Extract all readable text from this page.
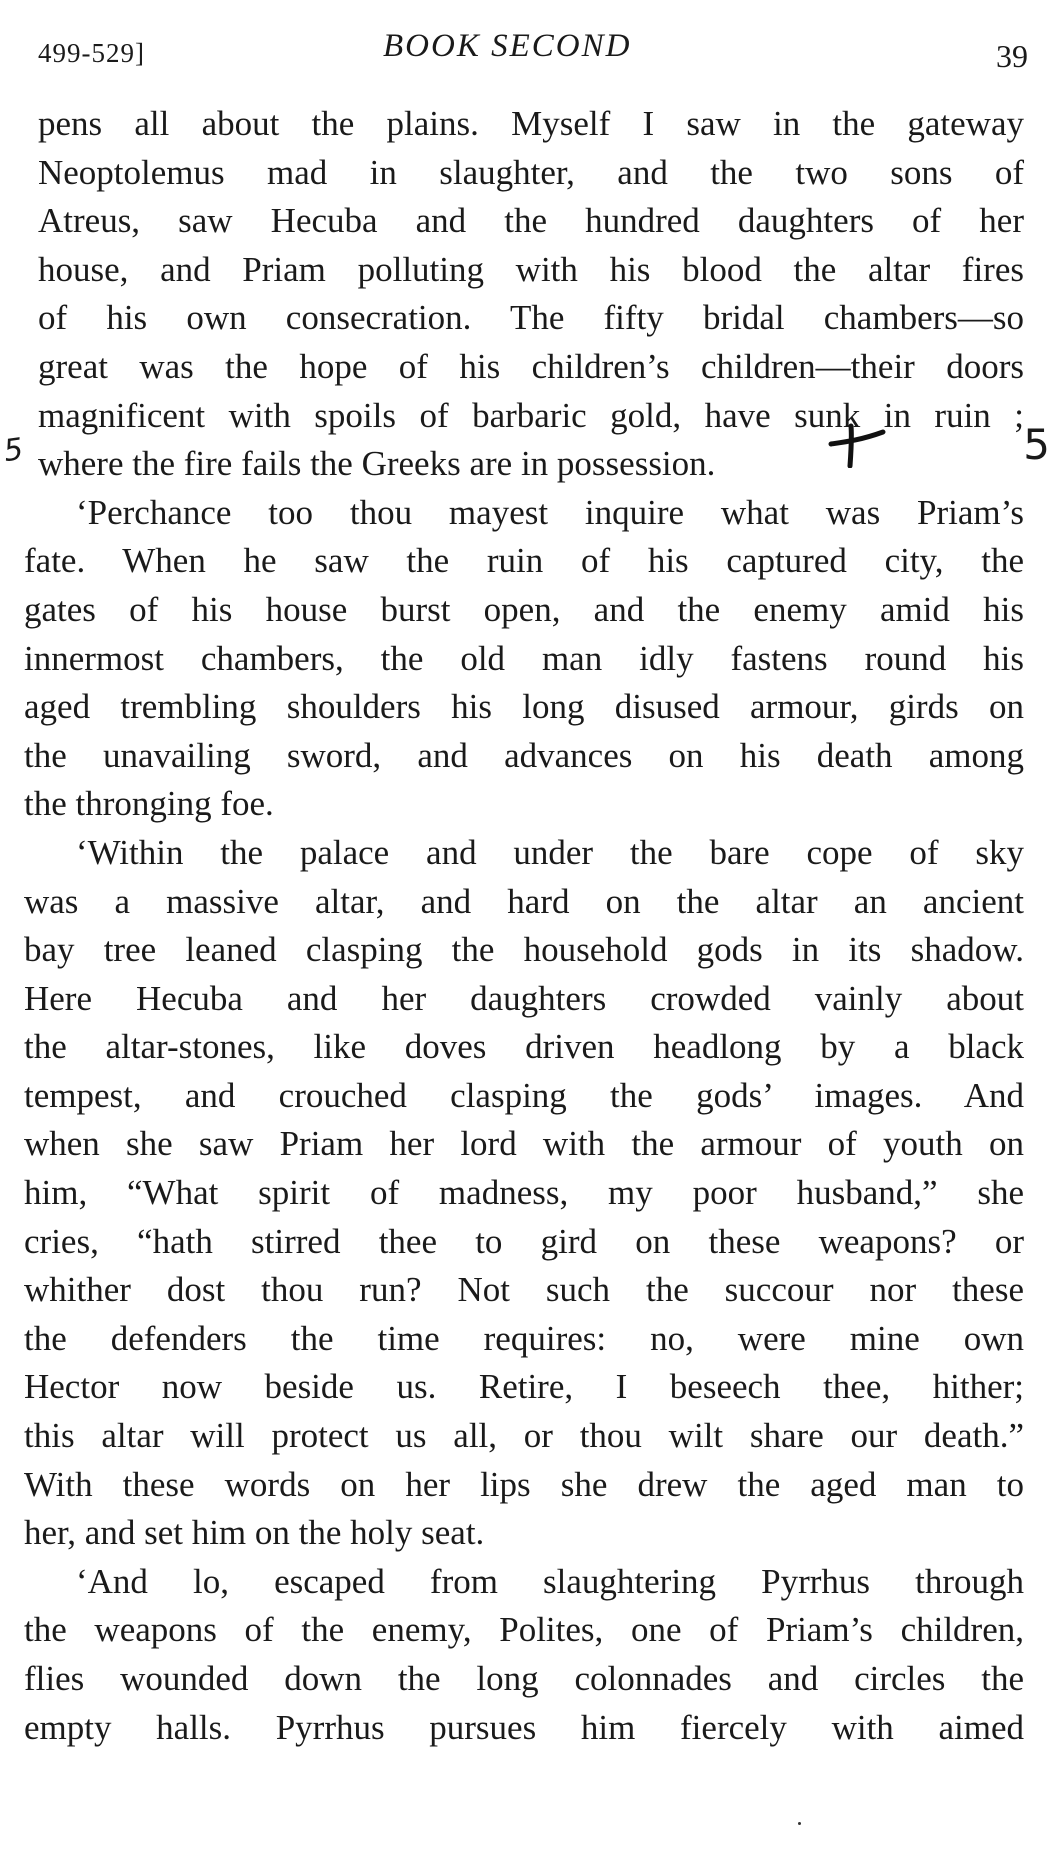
499-529]	BOOK SECOND	39
pens all about the plains. Myself I saw in the gateway
Neoptolemus mad in slaughter, and the two sons of
Atreus, saw Hecuba and the hundred daughters of her
house, and Priam polluting with his blood the altar fires
of his own consecration. The fifty bridal chambers—so
great was the hope of his children’s children—their doors
magnificent with spoils of barbaric gold, have sunk in ruin ;
where the fire fails the Greeks are in possession.
‘Perchance too thou mayest inquire what was Priam’s
fate. When he saw the ruin of his captured city, the
gates of his house burst open, and the enemy amid his
innermost chambers, the old man idly fastens round his
aged trembling shoulders his long disused armour, girds on
the unavailing sword, and advances on his death among
the thronging foe.
‘Within the palace and under the bare cope of sky
was a massive altar, and hard on the altar an ancient
bay tree leaned clasping the household gods in its shadow.
Here Hecuba and her daughters crowded vainly about
the altar-stones, like doves driven headlong by a black
tempest, and crouched clasping the gods’ images. And
when she saw Priam her lord with the armour of youth on
him, “What spirit of madness, my poor husband,” she
cries, “hath stirred thee to gird on these weapons? or
whither dost thou run? Not such the succour nor these
the defenders the time requires: no, were mine own
Hector now beside us. Retire, I beseech thee, hither;
this altar will protect us all, or thou wilt share our death.”
With these words on her lips she drew the aged man to
her, and set him on the holy seat.
‘And lo, escaped from slaughtering Pyrrhus through
the weapons of the enemy, Polites, one of Priam’s children,
flies wounded down the long colonnades and circles the
empty halls. Pyrrhus pursues him fiercely with aimed
5	5
